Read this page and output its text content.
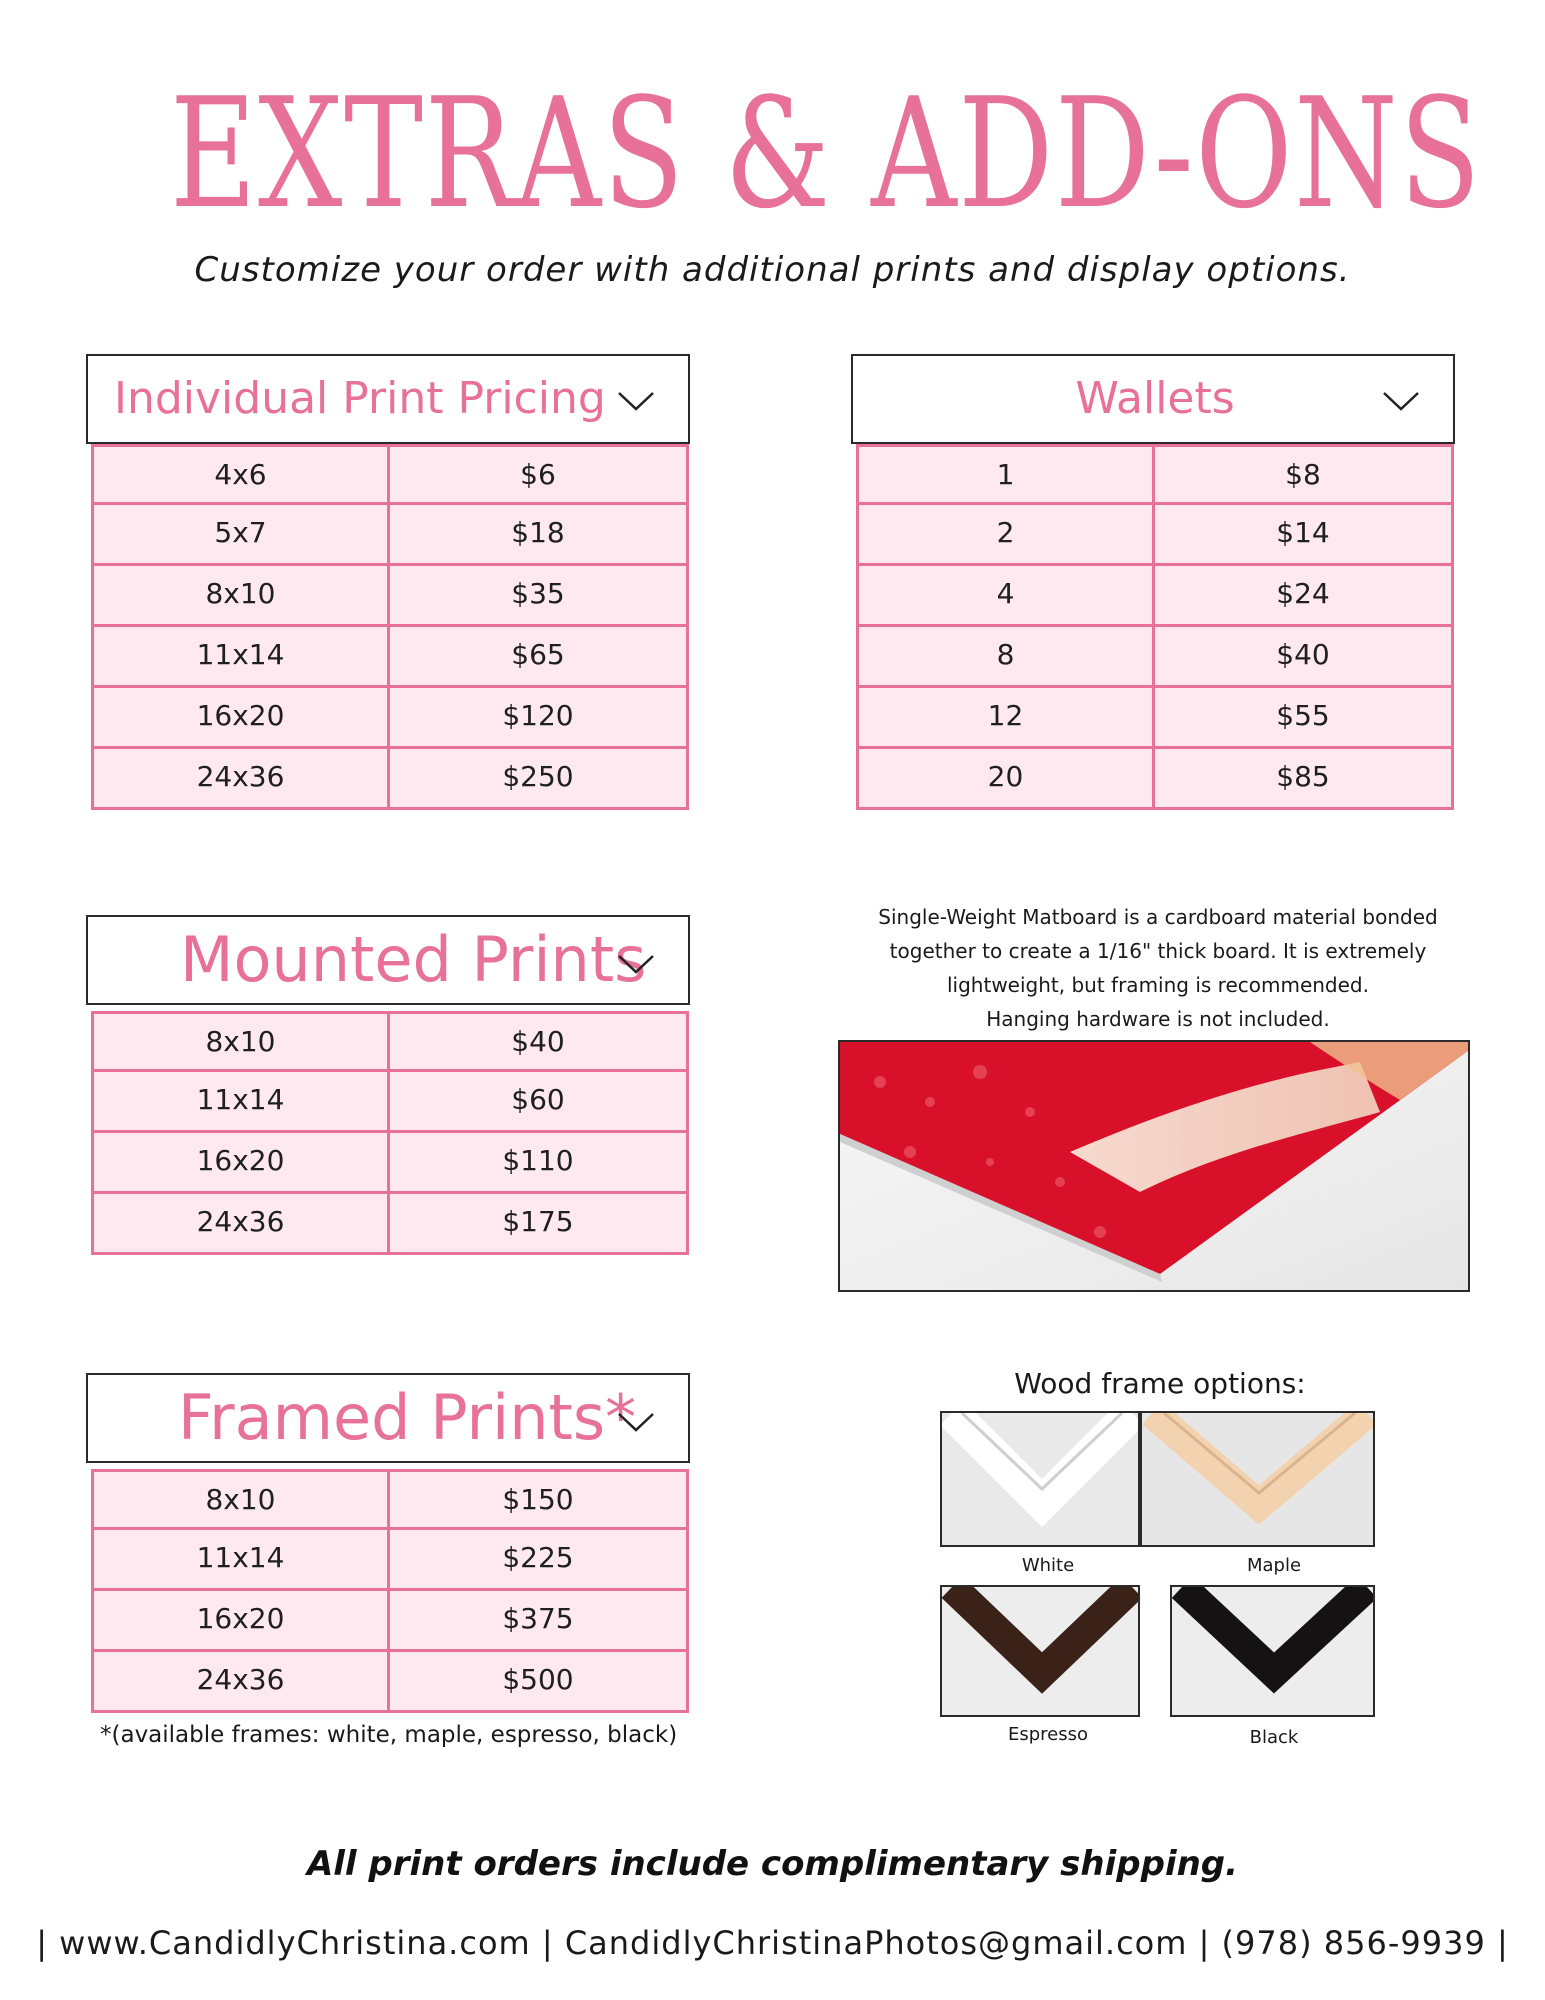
EXTRAS & ADD-ONS
Customize your order with additional prints and display options.
Individual Print Pricing
4x6	$6
5x7	$18
8x10	$35
11x14	$65
16x20	$120
24x36	$250
Wallets
1	$8
2	$14
4	$24
8	$40
12	$55
20	$85
Mounted Prints
8x10	$40
11x14	$60
16x20	$110
24x36	$175
Framed Prints*
8x10	$150
11x14	$225
16x20	$375
24x36	$500
*(available frames: white, maple, espresso, black)
Single-Weight Matboard is a cardboard material bonded
together to create a 1/16" thick board. It is extremely
lightweight, but framing is recommended.
Hanging hardware is not included.
Wood frame options:
White	Maple
Espresso	Black
All print orders include complimentary shipping.
| www.CandidlyChristina.com | CandidlyChristinaPhotos@gmail.com | (978) 856-9939 |
